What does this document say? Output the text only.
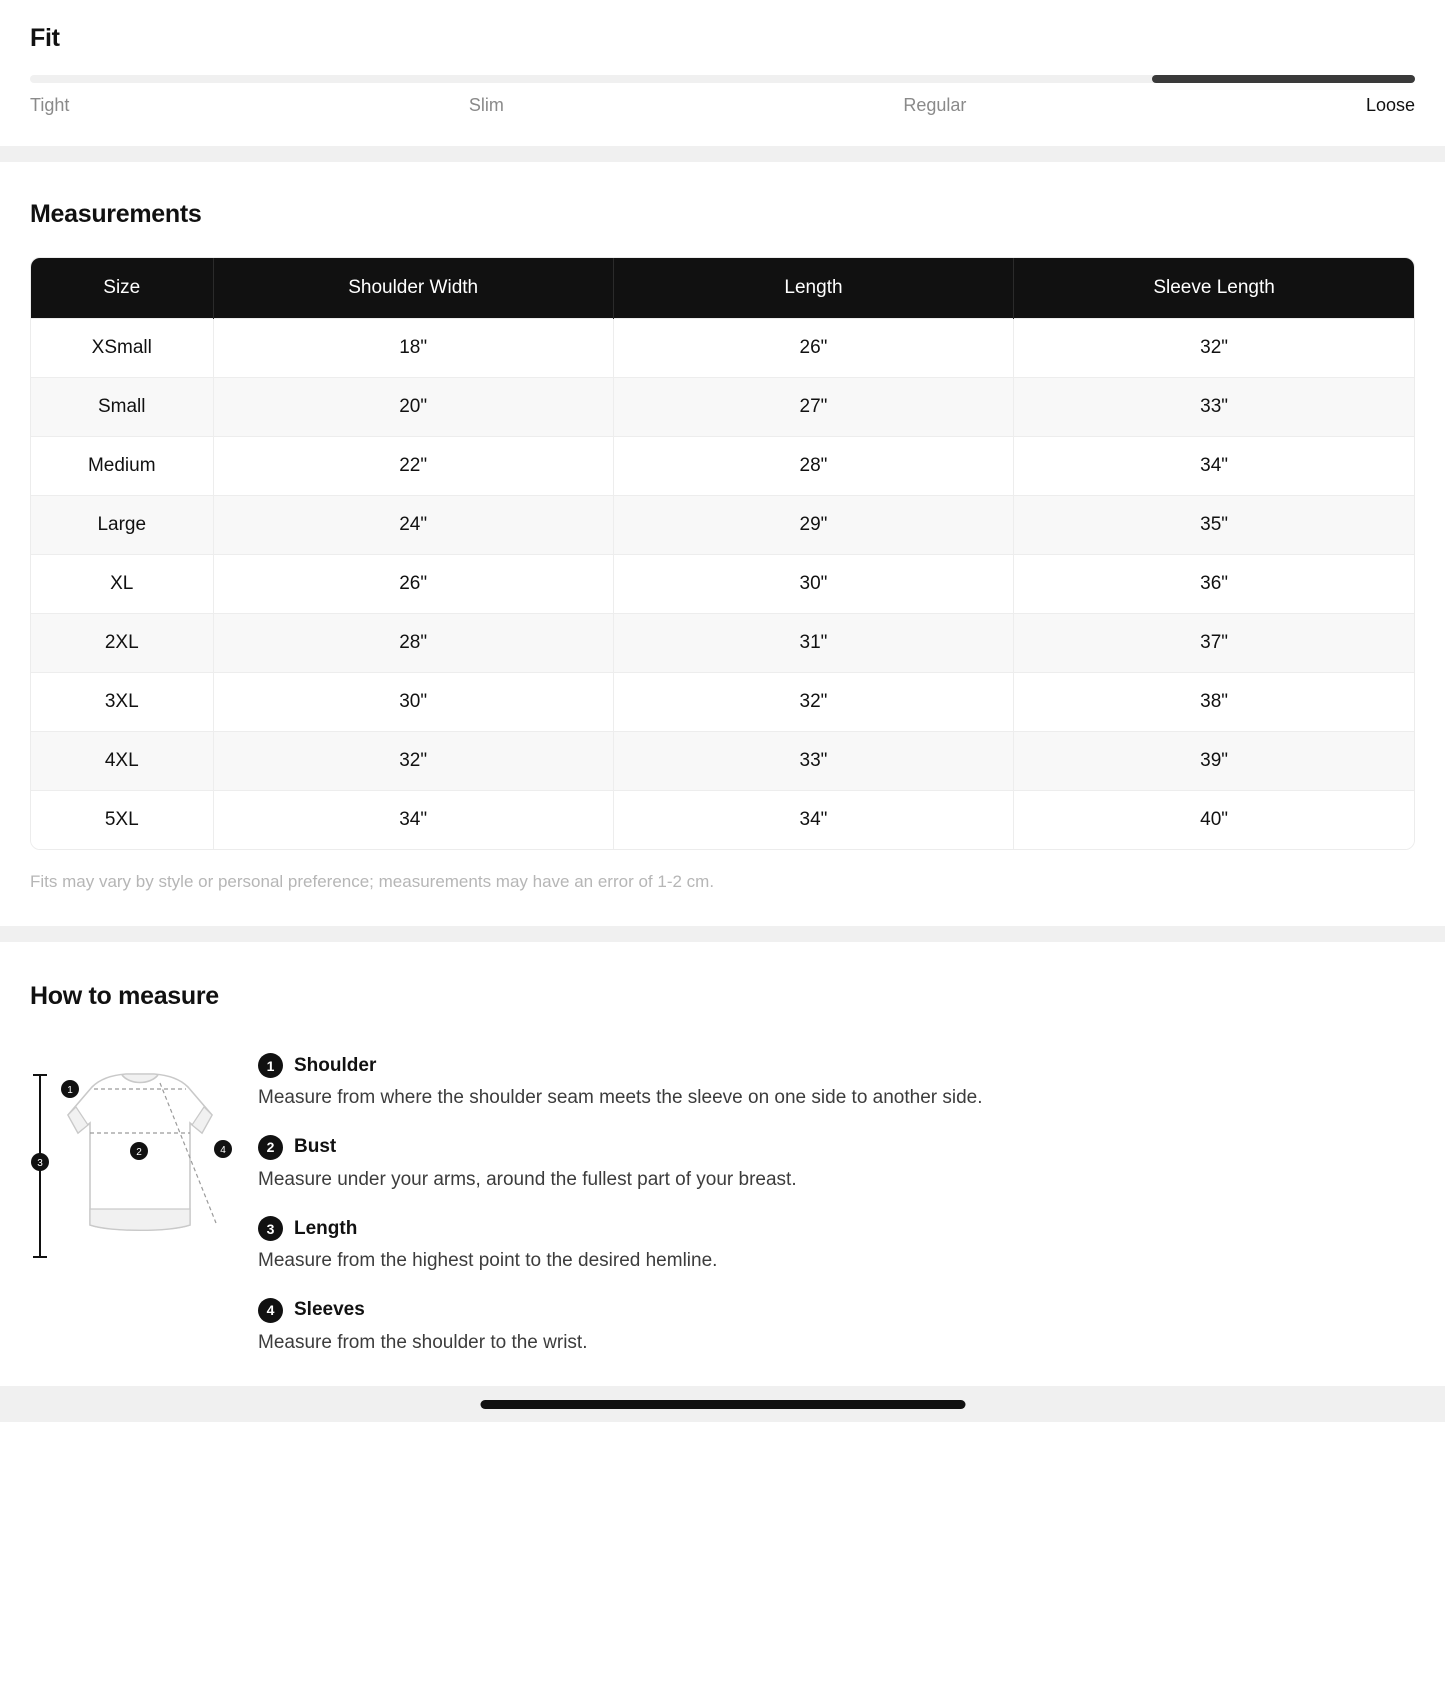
Fit
Tight	Slim	Regular	Loose
Measurements
Size	Shoulder Width	Length	Sleeve Length
XSmall	18"	26"	32"
Small	20"	27"	33"
Medium	22"	28"	34"
Large	24"	29"	35"
XL	26"	30"	36"
2XL	28"	31"	37"
3XL	30"	32"	38"
4XL	32"	33"	39"
5XL	34"	34"	40"
Fits may vary by style or personal preference; measurements may have an error of 1-2 cm.
How to measure
1
2
3
4
1	Shoulder
Measure from where the shoulder seam meets the sleeve on one side to another side.
2	Bust
Measure under your arms, around the fullest part of your breast.
3	Length
Measure from the highest point to the desired hemline.
4	Sleeves
Measure from the shoulder to the wrist.
